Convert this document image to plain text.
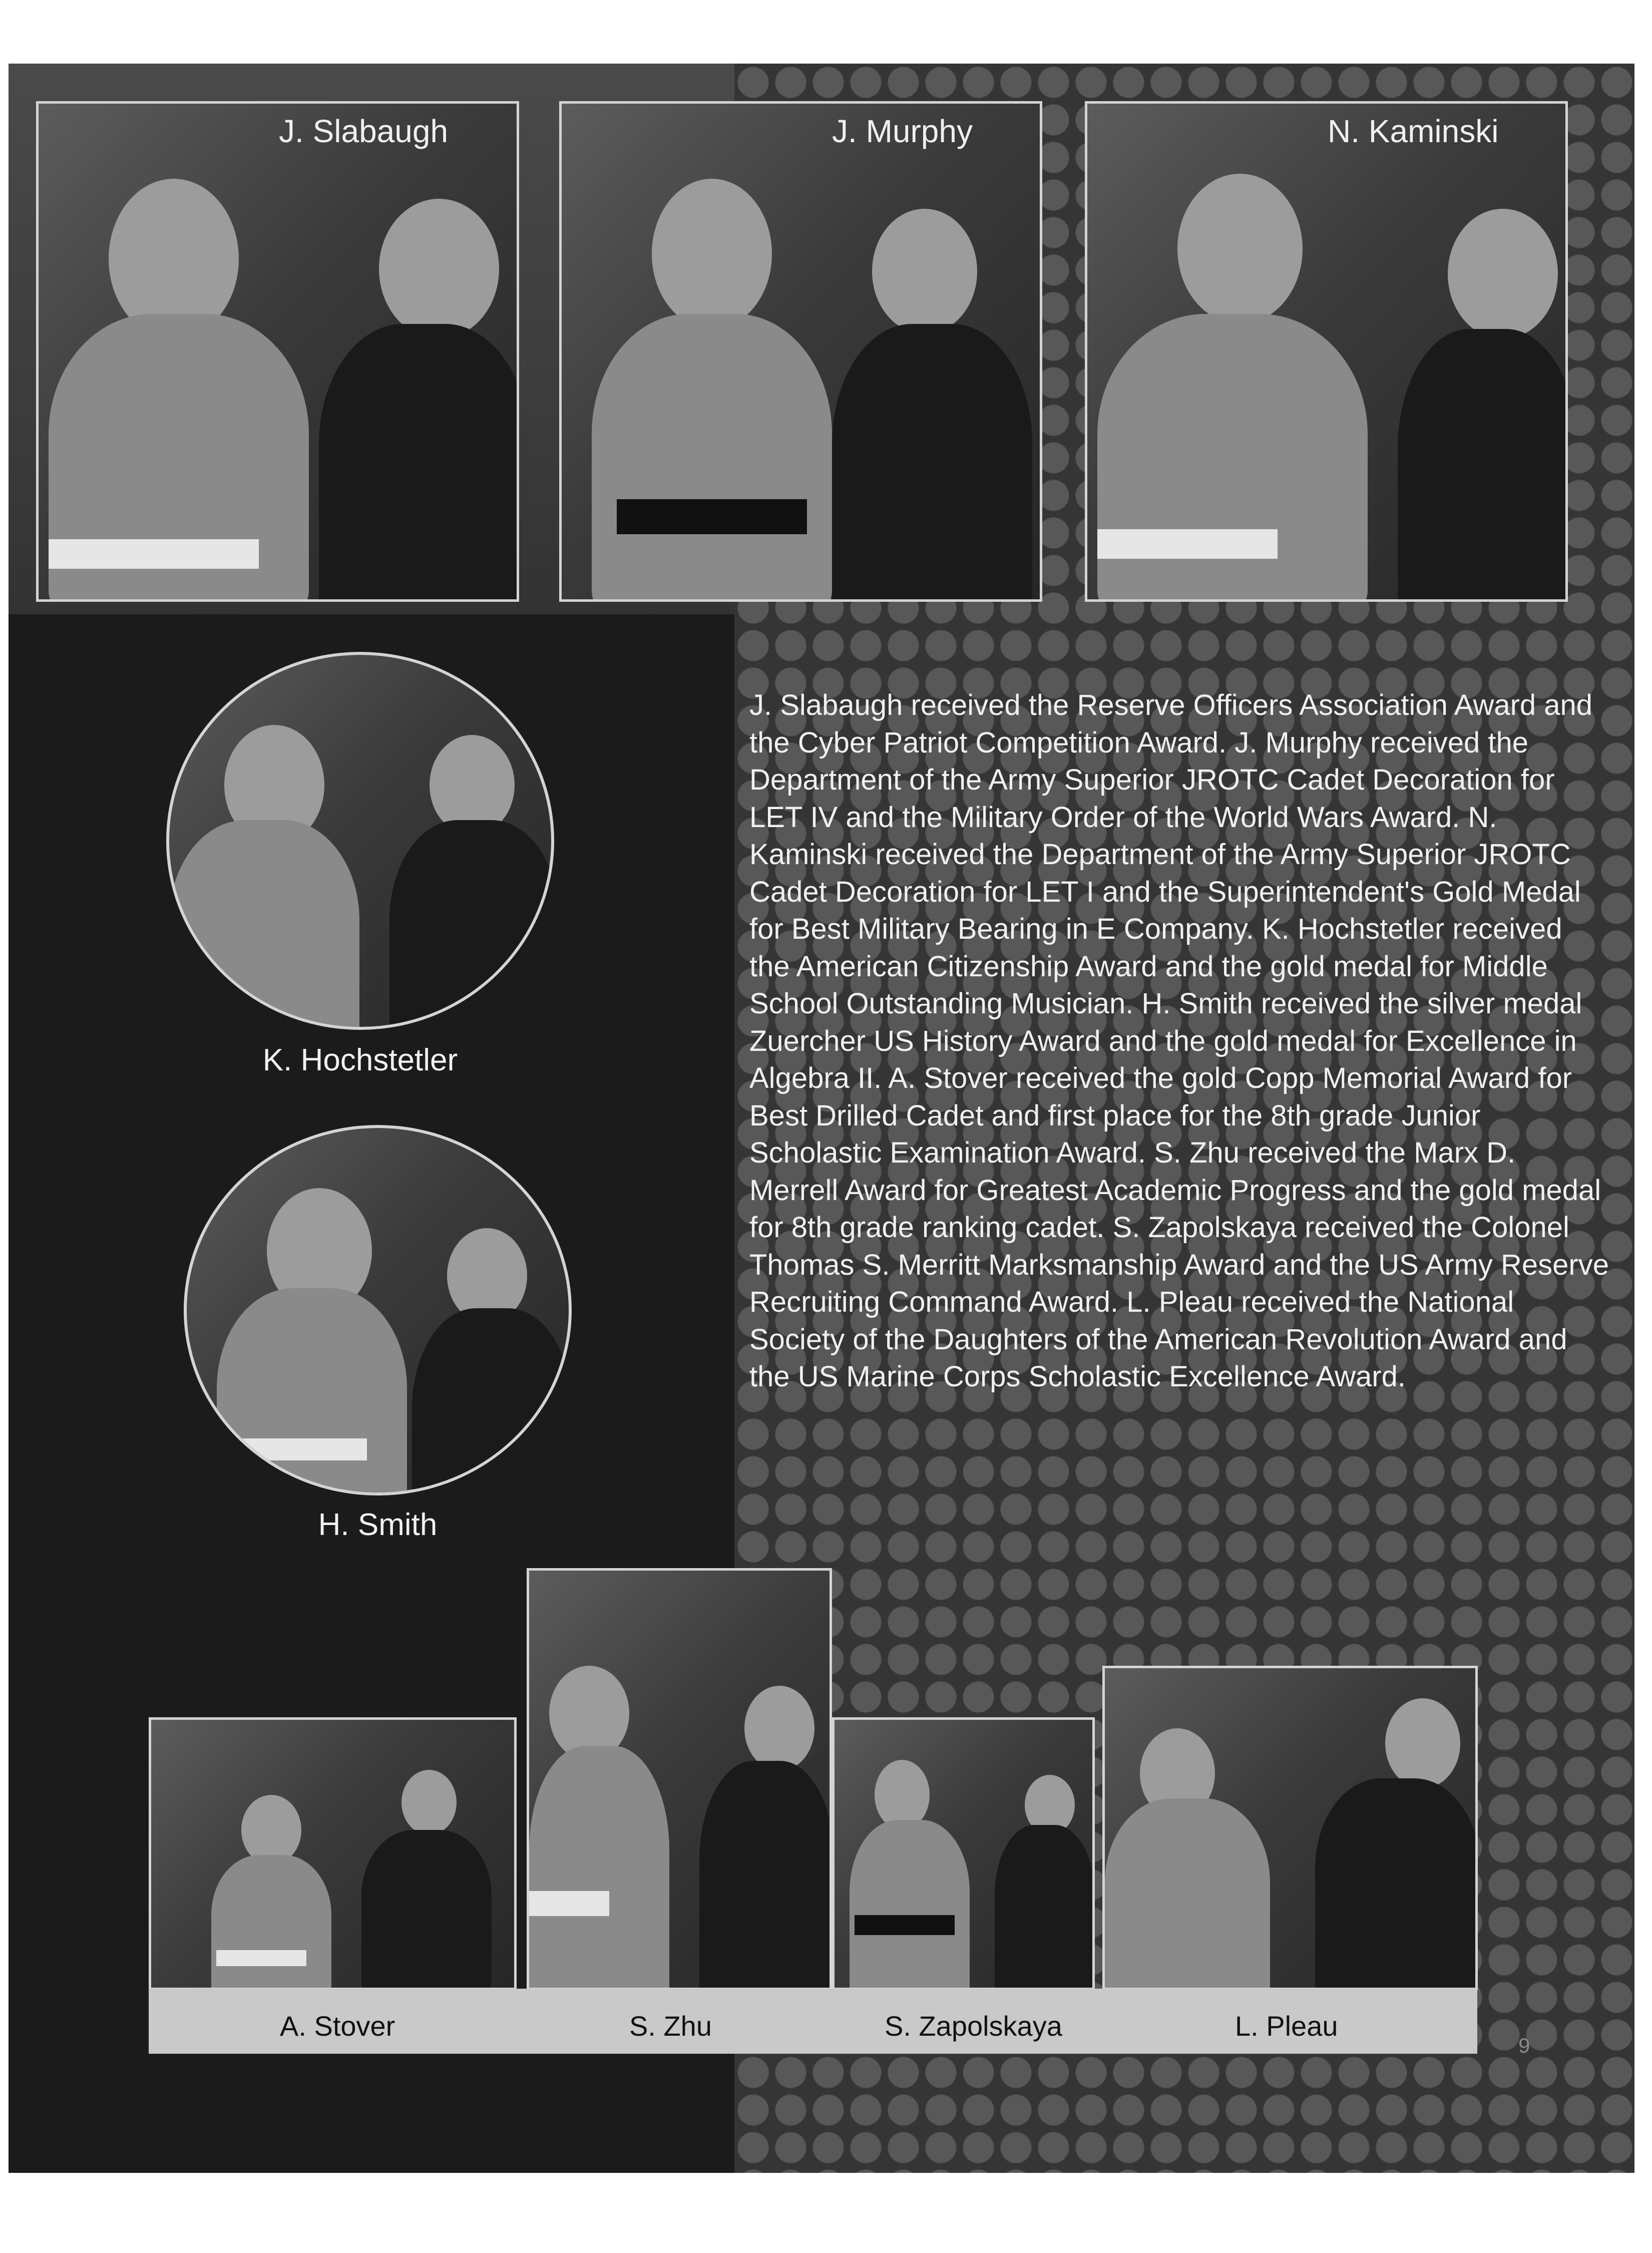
J. Slabaugh	J. Murphy	N. Kaminski
K. Hochstetler
H. Smith
J. Slabaugh received the Reserve Officers Association Award and the Cyber Patriot Competition Award. J. Murphy received the Department of the Army Superior JROTC Cadet Decoration for LET IV and the Military Order of the World Wars Award. N. Kaminski received the Department of the Army Superior JROTC Cadet Decoration for LET I and the Superintendent's Gold Medal for Best Military Bearing in E Company. K. Hochstetler received the American Citizenship Award and the gold medal for Middle School Outstanding Musician. H. Smith received the silver medal Zuercher US History Award and the gold medal for Excellence in Algebra II. A. Stover received the gold Copp Memorial Award for Best Drilled Cadet and first place for the 8th grade Junior Scholastic Examination Award. S. Zhu received the Marx D. Merrell Award for Greatest Academic Progress and the gold medal for 8th grade ranking cadet. S. Zapolskaya received the Colonel Thomas S. Merritt Marksmanship Award and the US Army Reserve Recruiting Command Award. L. Pleau received the National Society of the Daughters of the American Revolution Award and the US Marine Corps Scholastic Excellence Award.
A. Stover	S. Zhu	S. Zapolskaya	L. Pleau
9
